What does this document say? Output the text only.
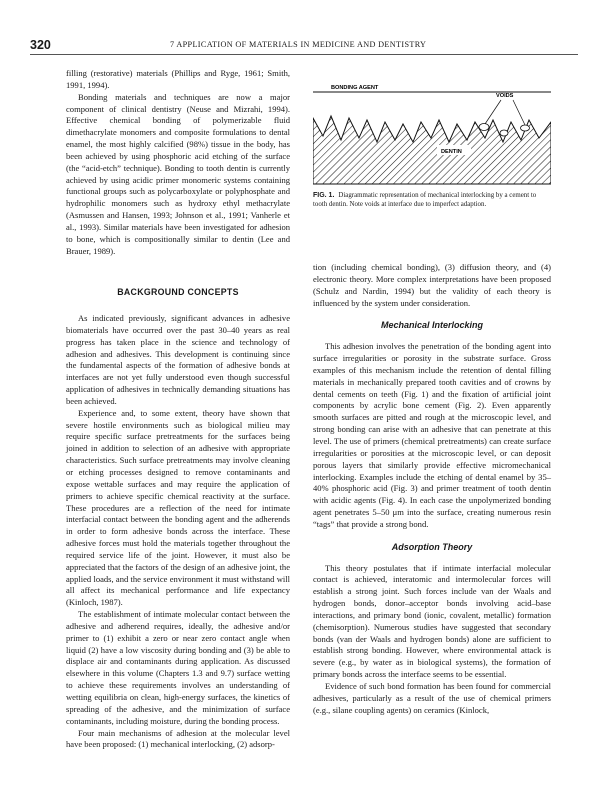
320	7 APPLICATION OF MATERIALS IN MEDICINE AND DENTISTRY

filling (restorative) materials (Phillips and Ryge, 1961; Smith, 1991, 1994).

Bonding materials and techniques are now a major component of clinical dentistry (Neuse and Mizrahi, 1994). Effective chemical bonding of polymerizable fluid dimethacrylate monomers and composite formulations to dental enamel, the most highly calcified (98%) tissue in the body, has been achieved by using phosphoric acid etching of the surface (the “acid-etch” technique). Bonding to tooth dentin is currently achieved by using acidic primer monomeric systems containing functional groups such as polycarboxylate or polyphosphate and hydrophilic monomers such as hydroxy ethyl methacrylate (Asmussen and Hansen, 1993; Johnson et al., 1991; Vanherle et al., 1993). Similar materials have been investigated for adhesion to bone, which is compositionally similar to dentin (Lee and Brauer, 1989).

BACKGROUND CONCEPTS

As indicated previously, significant advances in adhesive biomaterials have occurred over the past 30–40 years as real progress has taken place in the science and technology of adhesion and adhesives. This development is continuing since the fundamental aspects of the formation of adhesive bonds at interfaces are not yet fully understood even though successful application of adhesives in technically demanding situations has been achieved.

Experience and, to some extent, theory have shown that severe hostile environments such as biological milieu may require specific surface pretreatments for the surfaces being joined in addition to selection of an adhesive with appropriate characteristics. Such surface pretreatments may involve cleaning or etching processes designed to remove contaminants and expose wettable surfaces and may require the application of primers to achieve specific chemical reactivity at the surface. These procedures are a reflection of the need for intimate interfacial contact between the bonding agent and the adherends in order to form adhesive bonds across the interface. These adhesive forces must hold the materials together throughout the required service life of the joint. However, it must also be appreciated that the factors of the design of an adhesive joint, the applied loads, and the service environment it must withstand will all affect its mechanical performance and life expectancy (Kinloch, 1987).

The establishment of intimate molecular contact between the adhesive and adherend requires, ideally, the adhesive and/or primer to (1) exhibit a zero or near zero contact angle when liquid (2) have a low viscosity during bonding and (3) be able to displace air and contaminants during application. As discussed elsewhere in this volume (Chapters 1.3 and 9.7) surface wetting to achieve these requirements involves an understanding of wetting equilibria on clean, high-energy surfaces, the kinetics of spreading of the adhesive, and the minimization of surface contaminants, including moisture, during the bonding process.

Four main mechanisms of adhesion at the molecular level have been proposed: (1) mechanical interlocking, (2) adsorp-

BONDING AGENT
VOIDS
DENTIN
FIG. 1. Diagrammatic representation of mechanical interlocking by a cement to tooth dentin. Note voids at interface due to imperfect adaption.

tion (including chemical bonding), (3) diffusion theory, and (4) electronic theory. More complex interpretations have been proposed (Schulz and Nardin, 1994) but the validity of each theory is influenced by the system under consideration.

Mechanical Interlocking

This adhesion involves the penetration of the bonding agent into surface irregularities or porosity in the substrate surface. Gross examples of this mechanism include the retention of dental filling materials in mechanically prepared tooth cavities and of crowns by dental cements on teeth (Fig. 1) and the fixation of artificial joint components by acrylic bone cement (Fig. 2). Even apparently smooth surfaces are pitted and rough at the microscopic level, and strong bonding can arise with an adhesive that can penetrate at this level. The use of primers (chemical pretreatments) can create surface irregularities or porosities at the microscopic level, or can deposit porous layers that similarly provide effective micromechanical interlocking. Examples include the etching of dental enamel by 35–40% phosphoric acid (Fig. 3) and primer treatment of tooth dentin with acidic agents (Fig. 4). In each case the unpolymerized bonding agent penetrates 5–50 μm into the surface, creating numerous resin “tags” that provide a strong bond.

Adsorption Theory

This theory postulates that if intimate interfacial molecular contact is achieved, interatomic and intermolecular forces will establish a strong joint. Such forces include van der Waals and hydrogen bonds, donor–acceptor bonds involving acid–base interactions, and primary bond (ionic, covalent, metallic) formation (chemisorption). Numerous studies have suggested that secondary bonds (van der Waals and hydrogen bonds) alone are sufficient to establish strong bonding. However, where environmental attack is severe (e.g., by water as in biological systems), the formation of primary bonds across the interface seems to be essential.

Evidence of such bond formation has been found for commercial adhesives, particularly as a result of the use of chemical primers (e.g., silane coupling agents) on ceramics (Kinlock,
